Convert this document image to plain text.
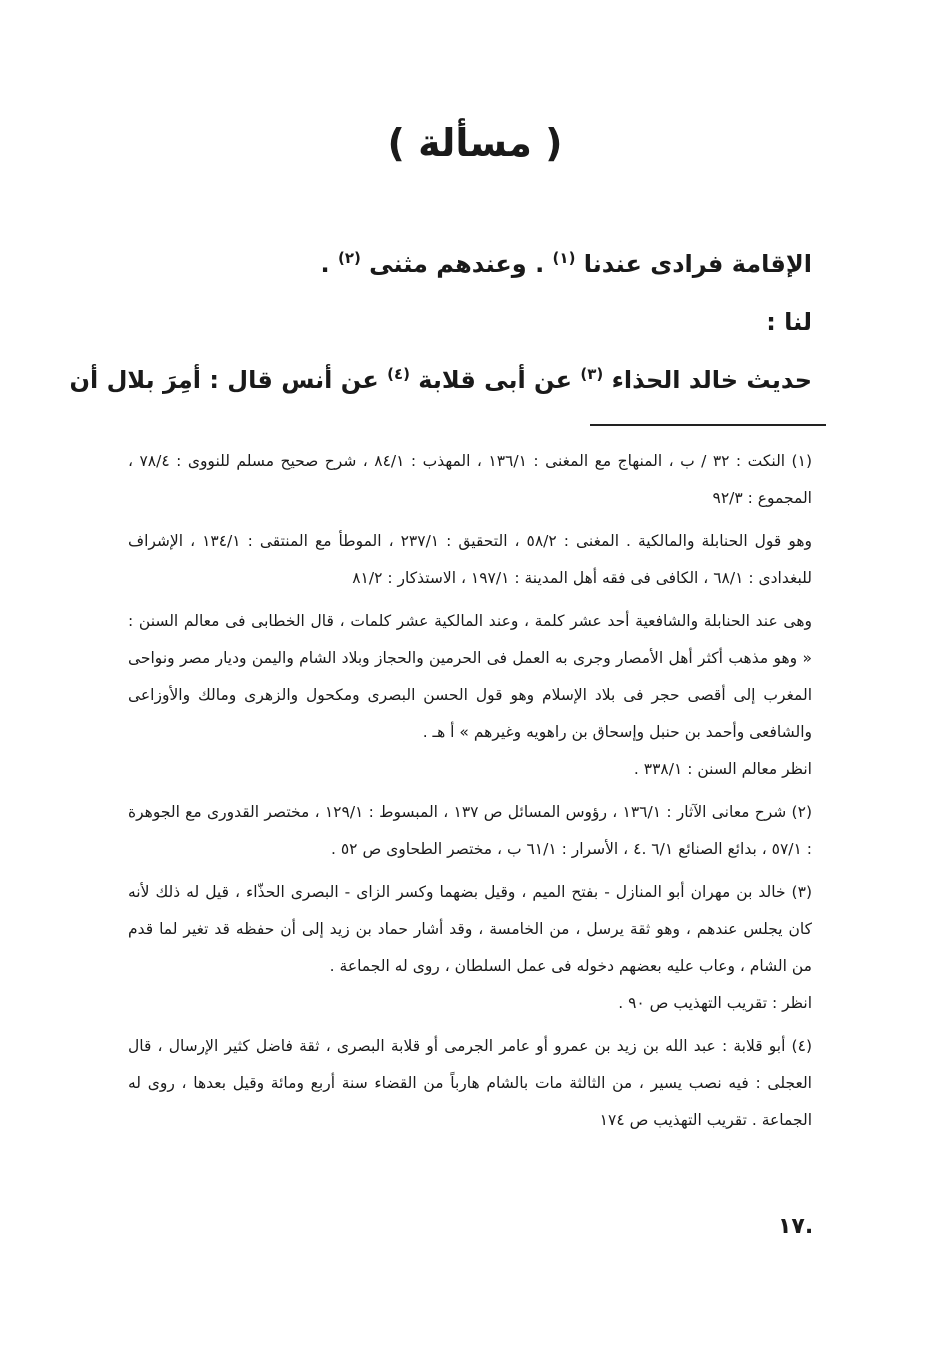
( مسألة )
الإقامة فرادى عندنا $^{(١)}$ . وعندهم مثنى $^{(٢)}$ .
لنا :
حديث خالد الحذاء $^{(٣)}$ عن أبى قلابة $^{(٤)}$ عن أنس قال : أمِرَ بلال أن

(١) النكت : ٣٢ / ب ، المنهاج مع المغنى : ١٣٦/١ ، المهذب : ٨٤/١ ، شرح صحيح مسلم للنووى : ٧٨/٤ ، المجموع : ٩٢/٣

وهو قول الحنابلة والمالكية . المغنى : ٥٨/٢ ، التحقيق : ٢٣٧/١ ، الموطأ مع المنتقى : ١٣٤/١ ، الإشراف للبغدادى : ٦٨/١ ، الكافى فى فقه أهل المدينة : ١٩٧/١ ، الاستذكار : ٨١/٢

وهى عند الحنابلة والشافعية أحد عشر كلمة ، وعند المالكية عشر كلمات ، قال الخطابى فى معالم السنن : « وهو مذهب أكثر أهل الأمصار وجرى به العمل فى الحرمين والحجاز وبلاد الشام واليمن وديار مصر ونواحى المغرب إلى أقصى حجر فى بلاد الإسلام وهو قول الحسن البصرى ومكحول والزهرى ومالك والأوزاعى والشافعى وأحمد بن حنبل وإسحاق بن راهويه وغيرهم » أ هـ .

انظر معالم السنن : ٣٣٨/١ .

(٢) شرح معانى الآثار : ١٣٦/١ ، رؤوس المسائل ص ١٣٧ ، المبسوط : ١٢٩/١ ، مختصر القدورى مع الجوهرة : ٥٧/١ ، بدائع الصنائع ٦/١ .٤ ، الأسرار : ٦١/١ ب ، مختصر الطحاوى ص ٥٢ .

(٣) خالد بن مهران أبو المنازل - بفتح الميم ، وقيل بضهما وكسر الزاى - البصرى الحذّاء ، قيل له ذلك لأنه كان يجلس عندهم ، وهو ثقة يرسل ، من الخامسة ، وقد أشار حماد بن زيد إلى أن حفظه قد تغير لما قدم من الشام ، وعاب عليه بعضهم دخوله فى عمل السلطان ، روى له الجماعة .

انظر : تقريب التهذيب ص ٩٠ .

(٤) أبو قلابة : عبد الله بن زيد بن عمرو أو عامر الجرمى أو قلابة البصرى ، ثقة فاضل كثير الإرسال ، قال العجلى : فيه نصب يسير ، من الثالثة مات بالشام هارباً من القضاء سنة أربع ومائة وقيل بعدها ، روى له الجماعة . تقريب التهذيب ص ١٧٤

١٧.
